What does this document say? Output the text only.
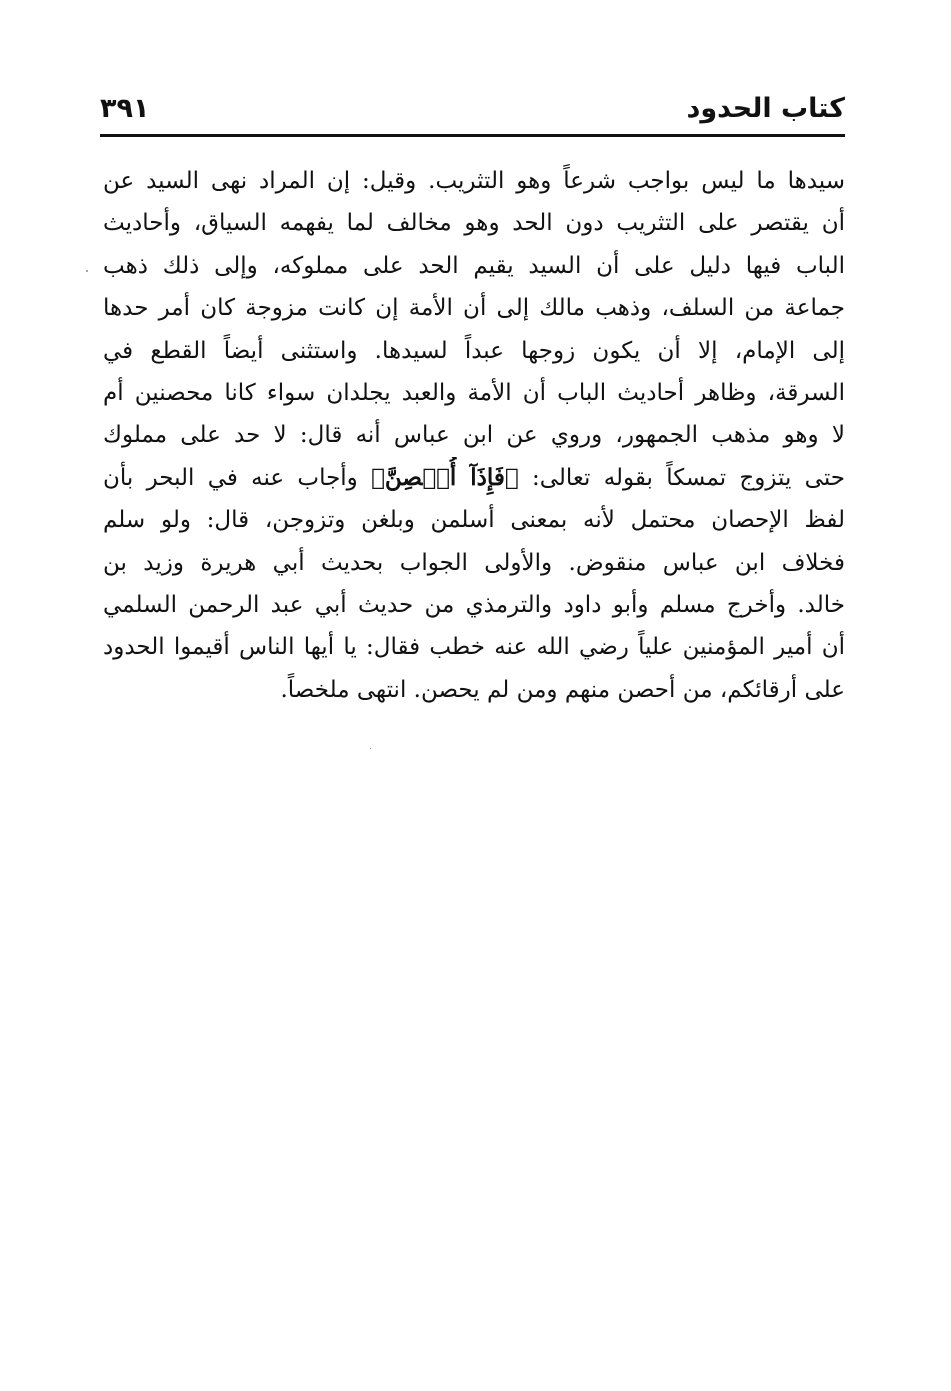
كتاب الحدود
٣٩١
سيدها ما ليس بواجب شرعاً وهو التثريب. وقيل: إن المراد نهى السيد عن
أن يقتصر على التثريب دون الحد وهو مخالف لما يفهمه السياق، وأحاديث
الباب فيها دليل على أن السيد يقيم الحد على مملوكه، وإلى ذلك ذهب
جماعة من السلف، وذهب مالك إلى أن الأمة إن كانت مزوجة كان أمر حدها
إلى الإمام، إلا أن يكون زوجها عبداً لسيدها. واستثنى أيضاً القطع في
السرقة، وظاهر أحاديث الباب أن الأمة والعبد يجلدان سواء كانا محصنين أم
لا وهو مذهب الجمهور، وروي عن ابن عباس أنه قال: لا حد على مملوك
حتى يتزوج تمسكاً بقوله تعالى: ﴿فَإِذَآ أُحۡصِنَّ﴾ وأجاب عنه في البحر بأن
لفظ الإحصان محتمل لأنه بمعنى أسلمن وبلغن وتزوجن، قال: ولو سلم
فخلاف ابن عباس منقوض. والأولى الجواب بحديث أبي هريرة وزيد بن
خالد. وأخرج مسلم وأبو داود والترمذي من حديث أبي عبد الرحمن السلمي
أن أمير المؤمنين علياً رضي الله عنه خطب فقال: يا أيها الناس أقيموا الحدود
على أرقائكم، من أحصن منهم ومن لم يحصن. انتهى ملخصاً.
